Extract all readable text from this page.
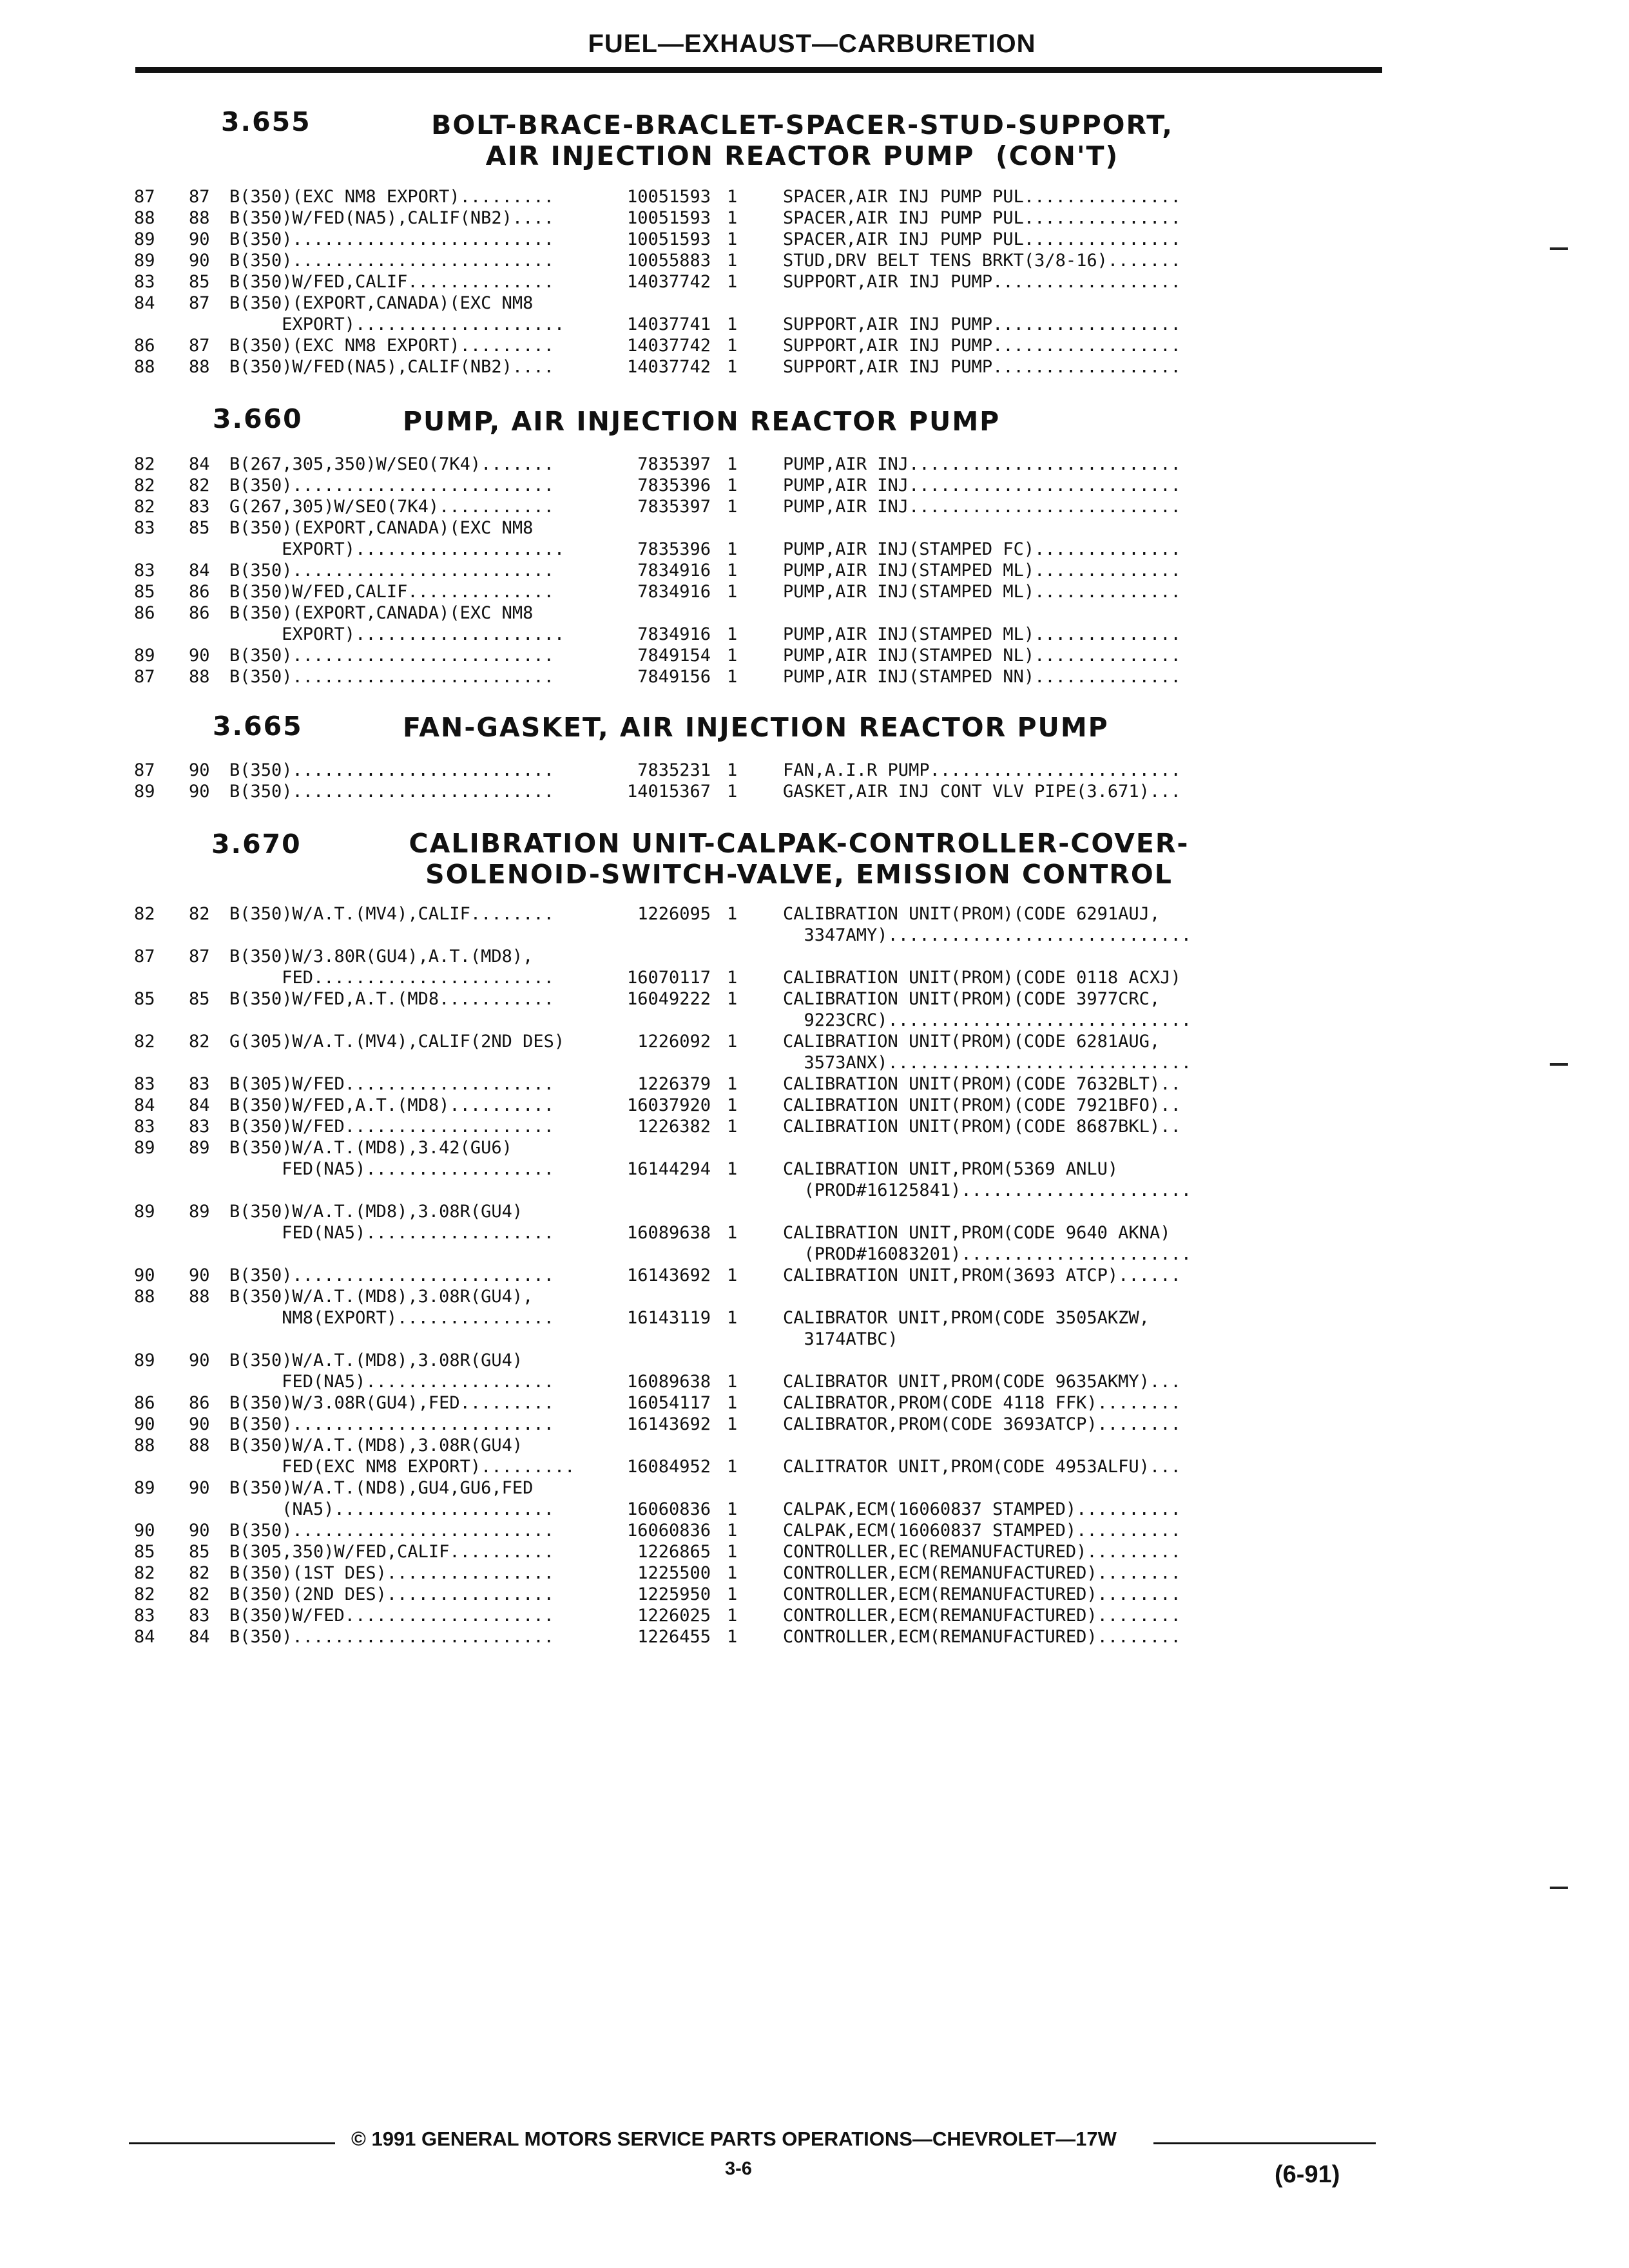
FUEL—EXHAUST—CARBURETION
3.655	BOLT-BRACE-BRACLET-SPACER-STUD-SUPPORT,
AIR INJECTION REACTOR PUMP  (CON'T)
87 87 B(350)(EXC NM8 EXPORT).........	10051593 1	SPACER,AIR INJ PUMP PUL...............
88 88 B(350)W/FED(NA5),CALIF(NB2)....	10051593 1	SPACER,AIR INJ PUMP PUL...............
89 90 B(350).........................	10051593 1	SPACER,AIR INJ PUMP PUL...............
89 90 B(350).........................	10055883 1	STUD,DRV BELT TENS BRKT(3/8-16).......
83 85 B(350)W/FED,CALIF..............	14037742 1	SUPPORT,AIR INJ PUMP..................
84 87 B(350)(EXPORT,CANADA)(EXC NM8
EXPORT)....................	14037741 1	SUPPORT,AIR INJ PUMP..................
86 87 B(350)(EXC NM8 EXPORT).........	14037742 1	SUPPORT,AIR INJ PUMP..................
88 88 B(350)W/FED(NA5),CALIF(NB2)....	14037742 1	SUPPORT,AIR INJ PUMP..................
3.660	PUMP, AIR INJECTION REACTOR PUMP
82 84 B(267,305,350)W/SEO(7K4).......	7835397 1	PUMP,AIR INJ..........................
82 82 B(350).........................	7835396 1	PUMP,AIR INJ..........................
82 83 G(267,305)W/SEO(7K4)...........	7835397 1	PUMP,AIR INJ..........................
83 85 B(350)(EXPORT,CANADA)(EXC NM8
EXPORT)....................	7835396 1	PUMP,AIR INJ(STAMPED FC)..............
83 84 B(350).........................	7834916 1	PUMP,AIR INJ(STAMPED ML)..............
85 86 B(350)W/FED,CALIF..............	7834916 1	PUMP,AIR INJ(STAMPED ML)..............
86 86 B(350)(EXPORT,CANADA)(EXC NM8
EXPORT)....................	7834916 1	PUMP,AIR INJ(STAMPED ML)..............
89 90 B(350).........................	7849154 1	PUMP,AIR INJ(STAMPED NL)..............
87 88 B(350).........................	7849156 1	PUMP,AIR INJ(STAMPED NN)..............
3.665	FAN-GASKET, AIR INJECTION REACTOR PUMP
87 90 B(350).........................	7835231 1	FAN,A.I.R PUMP........................
89 90 B(350).........................	14015367 1	GASKET,AIR INJ CONT VLV PIPE(3.671)...
3.670	CALIBRATION UNIT-CALPAK-CONTROLLER-COVER-
SOLENOID-SWITCH-VALVE, EMISSION CONTROL
82 82 B(350)W/A.T.(MV4),CALIF........	1226095 1	CALIBRATION UNIT(PROM)(CODE 6291AUJ,
3347AMY).............................
87 87 B(350)W/3.80R(GU4),A.T.(MD8),
FED.......................	16070117 1	CALIBRATION UNIT(PROM)(CODE 0118 ACXJ)
85 85 B(350)W/FED,A.T.(MD8...........	16049222 1	CALIBRATION UNIT(PROM)(CODE 3977CRC,
9223CRC).............................
82 82 G(305)W/A.T.(MV4),CALIF(2ND DES)	1226092 1	CALIBRATION UNIT(PROM)(CODE 6281AUG,
3573ANX).............................
83 83 B(305)W/FED....................	1226379 1	CALIBRATION UNIT(PROM)(CODE 7632BLT)..
84 84 B(350)W/FED,A.T.(MD8)..........	16037920 1	CALIBRATION UNIT(PROM)(CODE 7921BFO)..
83 83 B(350)W/FED....................	1226382 1	CALIBRATION UNIT(PROM)(CODE 8687BKL)..
89 89 B(350)W/A.T.(MD8),3.42(GU6)
FED(NA5)..................	16144294 1	CALIBRATION UNIT,PROM(5369 ANLU)
(PROD#16125841)......................
89 89 B(350)W/A.T.(MD8),3.08R(GU4)
FED(NA5)..................	16089638 1	CALIBRATION UNIT,PROM(CODE 9640 AKNA)
(PROD#16083201)......................
90 90 B(350).........................	16143692 1	CALIBRATION UNIT,PROM(3693 ATCP)......
88 88 B(350)W/A.T.(MD8),3.08R(GU4),
NM8(EXPORT)...............	16143119 1	CALIBRATOR UNIT,PROM(CODE 3505AKZW,
3174ATBC)
89 90 B(350)W/A.T.(MD8),3.08R(GU4)
FED(NA5)..................	16089638 1	CALIBRATOR UNIT,PROM(CODE 9635AKMY)...
86 86 B(350)W/3.08R(GU4),FED.........	16054117 1	CALIBRATOR,PROM(CODE 4118 FFK)........
90 90 B(350).........................	16143692 1	CALIBRATOR,PROM(CODE 3693ATCP)........
88 88 B(350)W/A.T.(MD8),3.08R(GU4)
FED(EXC NM8 EXPORT).........	16084952 1	CALITRATOR UNIT,PROM(CODE 4953ALFU)...
89 90 B(350)W/A.T.(ND8),GU4,GU6,FED
(NA5).....................	16060836 1	CALPAK,ECM(16060837 STAMPED)..........
90 90 B(350).........................	16060836 1	CALPAK,ECM(16060837 STAMPED)..........
85 85 B(305,350)W/FED,CALIF..........	1226865 1	CONTROLLER,EC(REMANUFACTURED).........
82 82 B(350)(1ST DES)................	1225500 1	CONTROLLER,ECM(REMANUFACTURED)........
82 82 B(350)(2ND DES)................	1225950 1	CONTROLLER,ECM(REMANUFACTURED)........
83 83 B(350)W/FED....................	1226025 1	CONTROLLER,ECM(REMANUFACTURED)........
84 84 B(350).........................	1226455 1	CONTROLLER,ECM(REMANUFACTURED)........
© 1991 GENERAL MOTORS SERVICE PARTS OPERATIONS—CHEVROLET—17W
3-6	(6-91)
